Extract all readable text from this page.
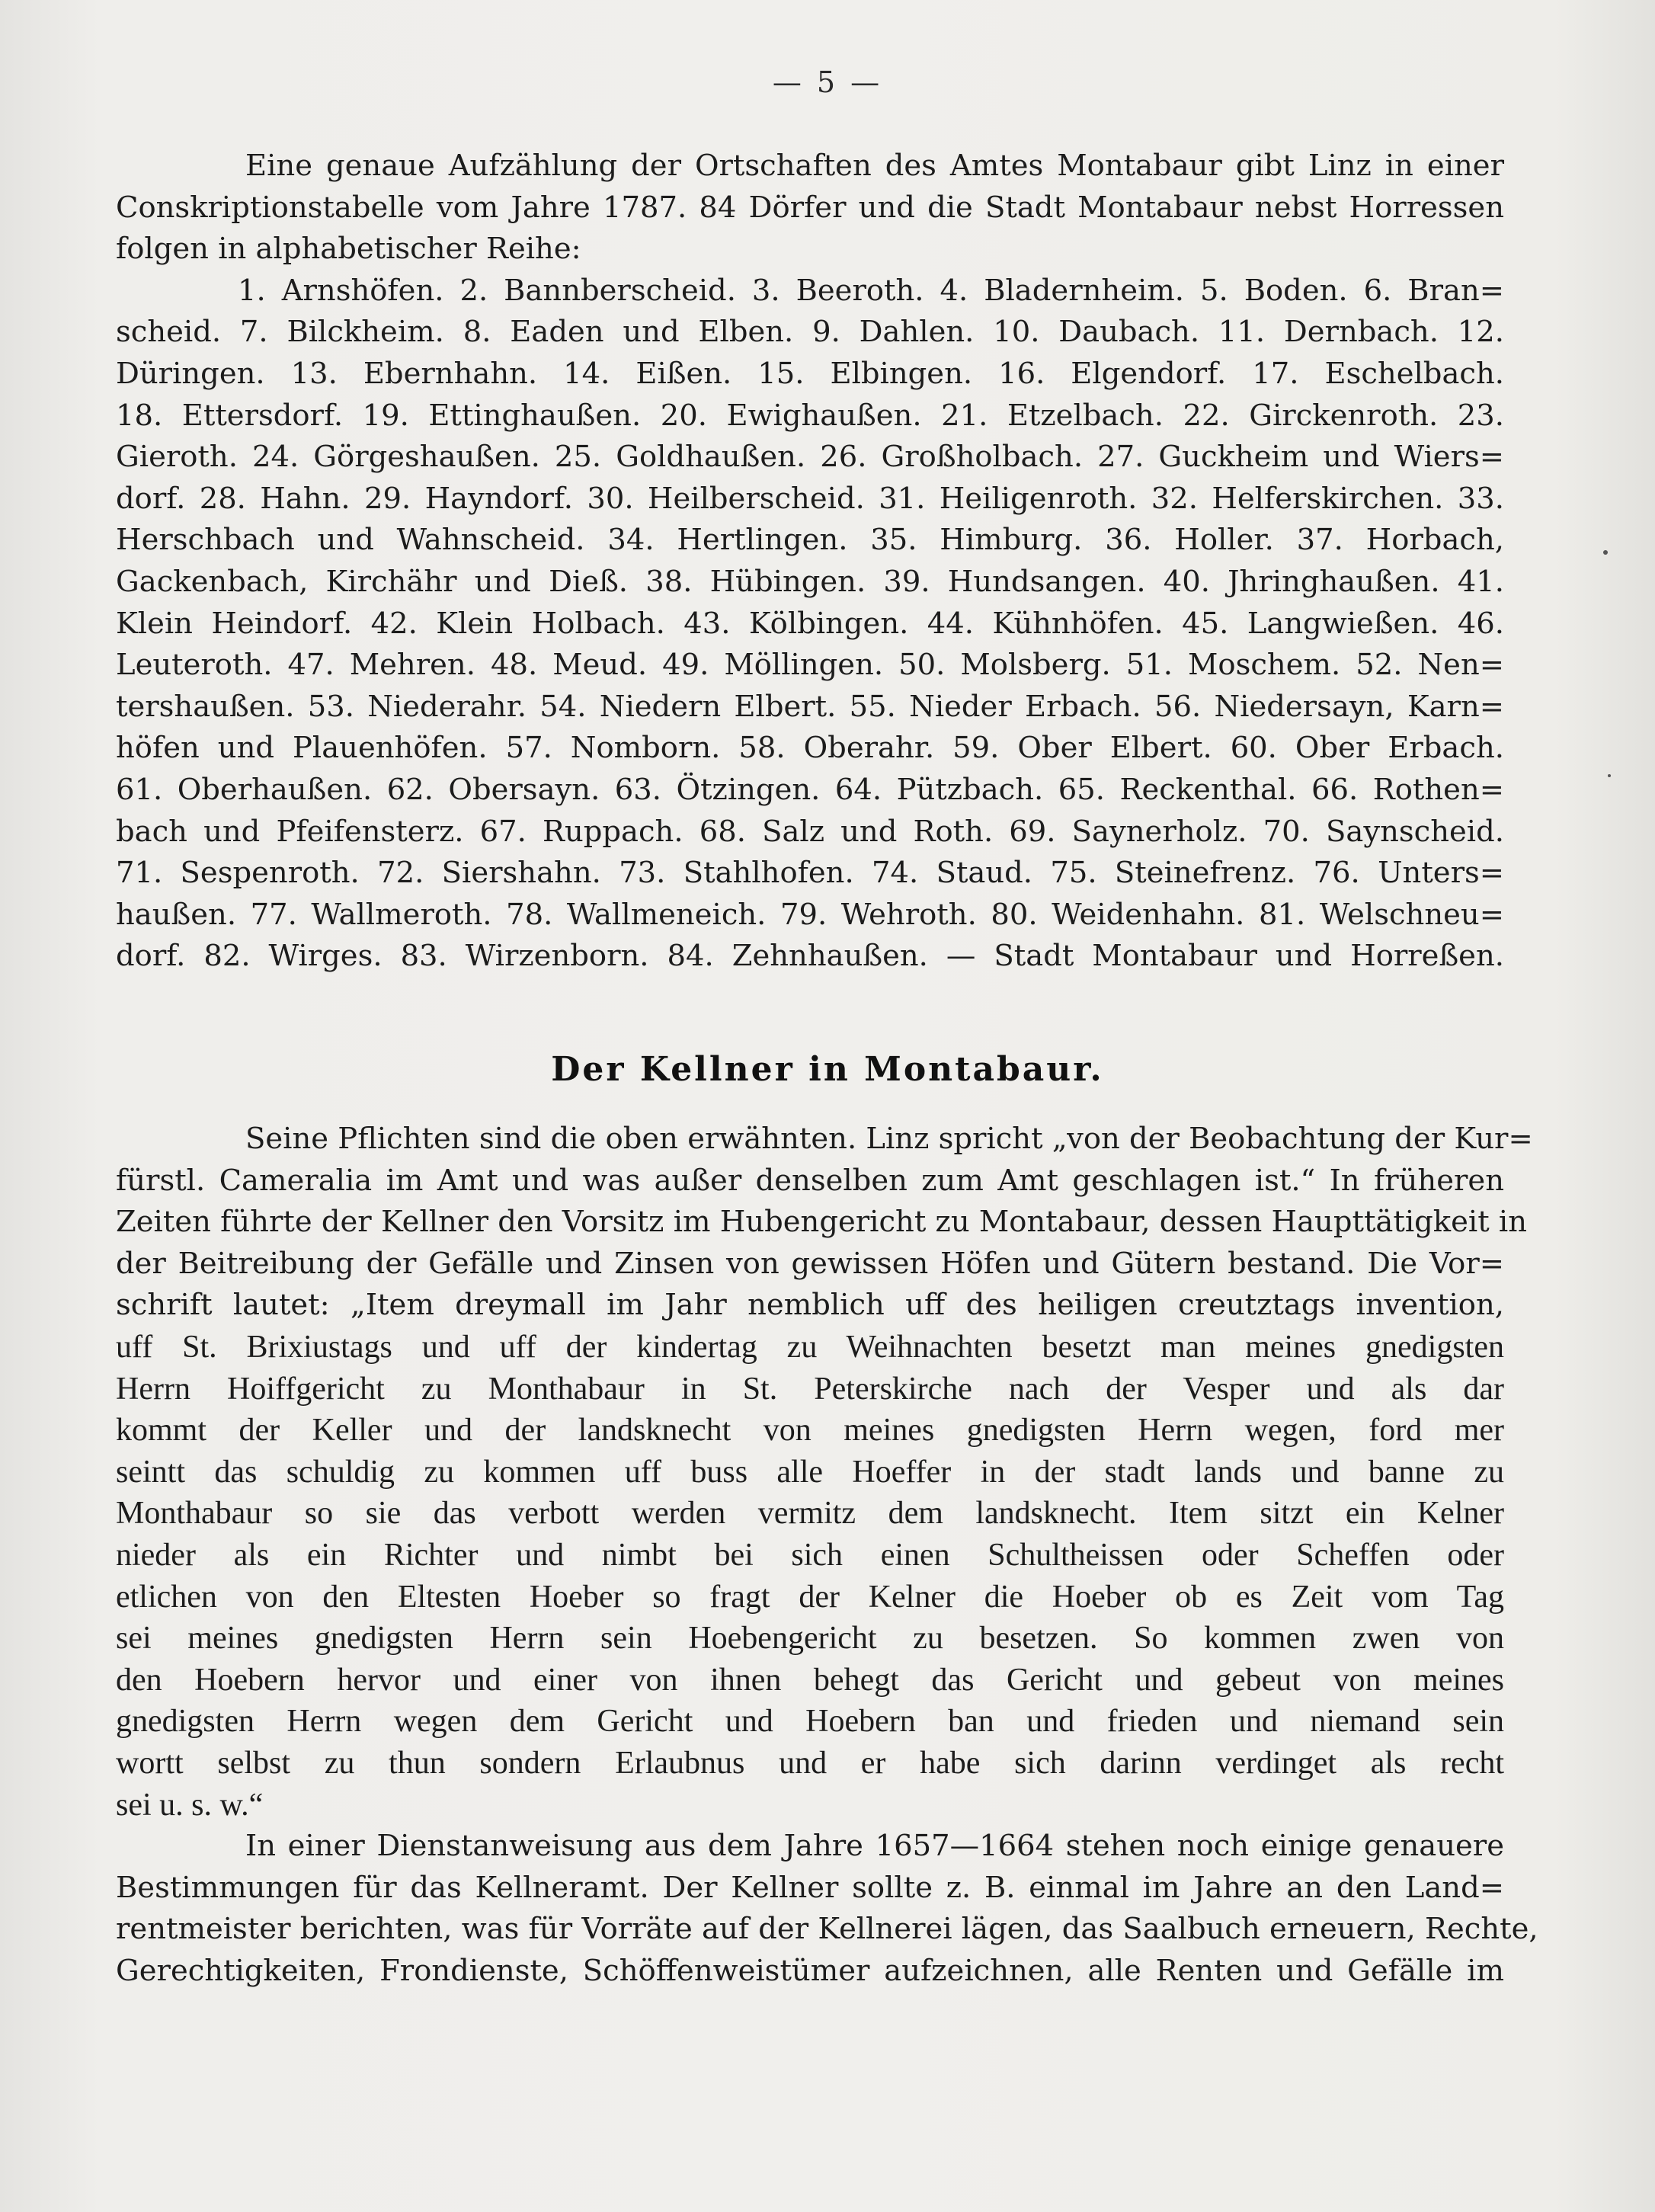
— 5 —
Eine genaue Aufzählung der Ortschaften des Amtes Montabaur gibt Linz in einer
Conskriptionstabelle vom Jahre 1787. 84 Dörfer und die Stadt Montabaur nebst Horressen
folgen in alphabetischer Reihe:
1. Arnshöfen. 2. Bannberscheid. 3. Beeroth. 4. Bladernheim. 5. Boden. 6. Bran=
scheid. 7. Bilckheim. 8. Eaden und Elben. 9. Dahlen. 10. Daubach. 11. Dernbach. 12.
Düringen. 13. Ebernhahn. 14. Eißen. 15. Elbingen. 16. Elgendorf. 17. Eschelbach.
18. Ettersdorf. 19. Ettinghaußen. 20. Ewighaußen. 21. Etzelbach. 22. Girckenroth. 23.
Gieroth. 24. Görgeshaußen. 25. Goldhaußen. 26. Großholbach. 27. Guckheim und Wiers=
dorf. 28. Hahn. 29. Hayndorf. 30. Heilberscheid. 31. Heiligenroth. 32. Helferskirchen. 33.
Herschbach und Wahnscheid. 34. Hertlingen. 35. Himburg. 36. Holler. 37. Horbach,
Gackenbach, Kirchähr und Dieß. 38. Hübingen. 39. Hundsangen. 40. Jhringhaußen. 41.
Klein Heindorf. 42. Klein Holbach. 43. Kölbingen. 44. Kühnhöfen. 45. Langwießen. 46.
Leuteroth. 47. Mehren. 48. Meud. 49. Möllingen. 50. Molsberg. 51. Moschem. 52. Nen=
tershaußen. 53. Niederahr. 54. Niedern Elbert. 55. Nieder Erbach. 56. Niedersayn, Karn=
höfen und Plauenhöfen. 57. Nomborn. 58. Oberahr. 59. Ober Elbert. 60. Ober Erbach.
61. Oberhaußen. 62. Obersayn. 63. Ötzingen. 64. Pützbach. 65. Reckenthal. 66. Rothen=
bach und Pfeifensterz. 67. Ruppach. 68. Salz und Roth. 69. Saynerholz. 70. Saynscheid.
71. Sespenroth. 72. Siershahn. 73. Stahlhofen. 74. Staud. 75. Steinefrenz. 76. Unters=
haußen. 77. Wallmeroth. 78. Wallmeneich. 79. Wehroth. 80. Weidenhahn. 81. Welschneu=
dorf. 82. Wirges. 83. Wirzenborn. 84. Zehnhaußen. — Stadt Montabaur und Horreßen.
Der Kellner in Montabaur.
Seine Pflichten sind die oben erwähnten. Linz spricht „von der Beobachtung der Kur=
fürstl. Cameralia im Amt und was außer denselben zum Amt geschlagen ist.“ In früheren
Zeiten führte der Kellner den Vorsitz im Hubengericht zu Montabaur, dessen Haupttätigkeit in
der Beitreibung der Gefälle und Zinsen von gewissen Höfen und Gütern bestand. Die Vor=
schrift lautet: „Item dreymall im Jahr nemblich uff des heiligen creutztags invention,
uff St. Brixiustags und uff der kindertag zu Weihnachten besetzt man meines gnedigsten
Herrn Hoiffgericht zu Monthabaur in St. Peterskirche nach der Vesper und als dar
kommt der Keller und der landsknecht von meines gnedigsten Herrn wegen, ford mer
seintt das schuldig zu kommen uff buss alle Hoeffer in der stadt lands und banne zu
Monthabaur so sie das verbott werden vermitz dem landsknecht. Item sitzt ein Kelner
nieder als ein Richter und nimbt bei sich einen Schultheissen oder Scheffen oder
etlichen von den Eltesten Hoeber so fragt der Kelner die Hoeber ob es Zeit vom Tag
sei meines gnedigsten Herrn sein Hoebengericht zu besetzen. So kommen zwen von
den Hoebern hervor und einer von ihnen behegt das Gericht und gebeut von meines
gnedigsten Herrn wegen dem Gericht und Hoebern ban und frieden und niemand sein
wortt selbst zu thun sondern Erlaubnus und er habe sich darinn verdinget als recht
sei u. s. w.“
In einer Dienstanweisung aus dem Jahre 1657—1664 stehen noch einige genauere
Bestimmungen für das Kellneramt. Der Kellner sollte z. B. einmal im Jahre an den Land=
rentmeister berichten, was für Vorräte auf der Kellnerei lägen, das Saalbuch erneuern, Rechte,
Gerechtigkeiten, Frondienste, Schöffenweistümer aufzeichnen, alle Renten und Gefälle im
